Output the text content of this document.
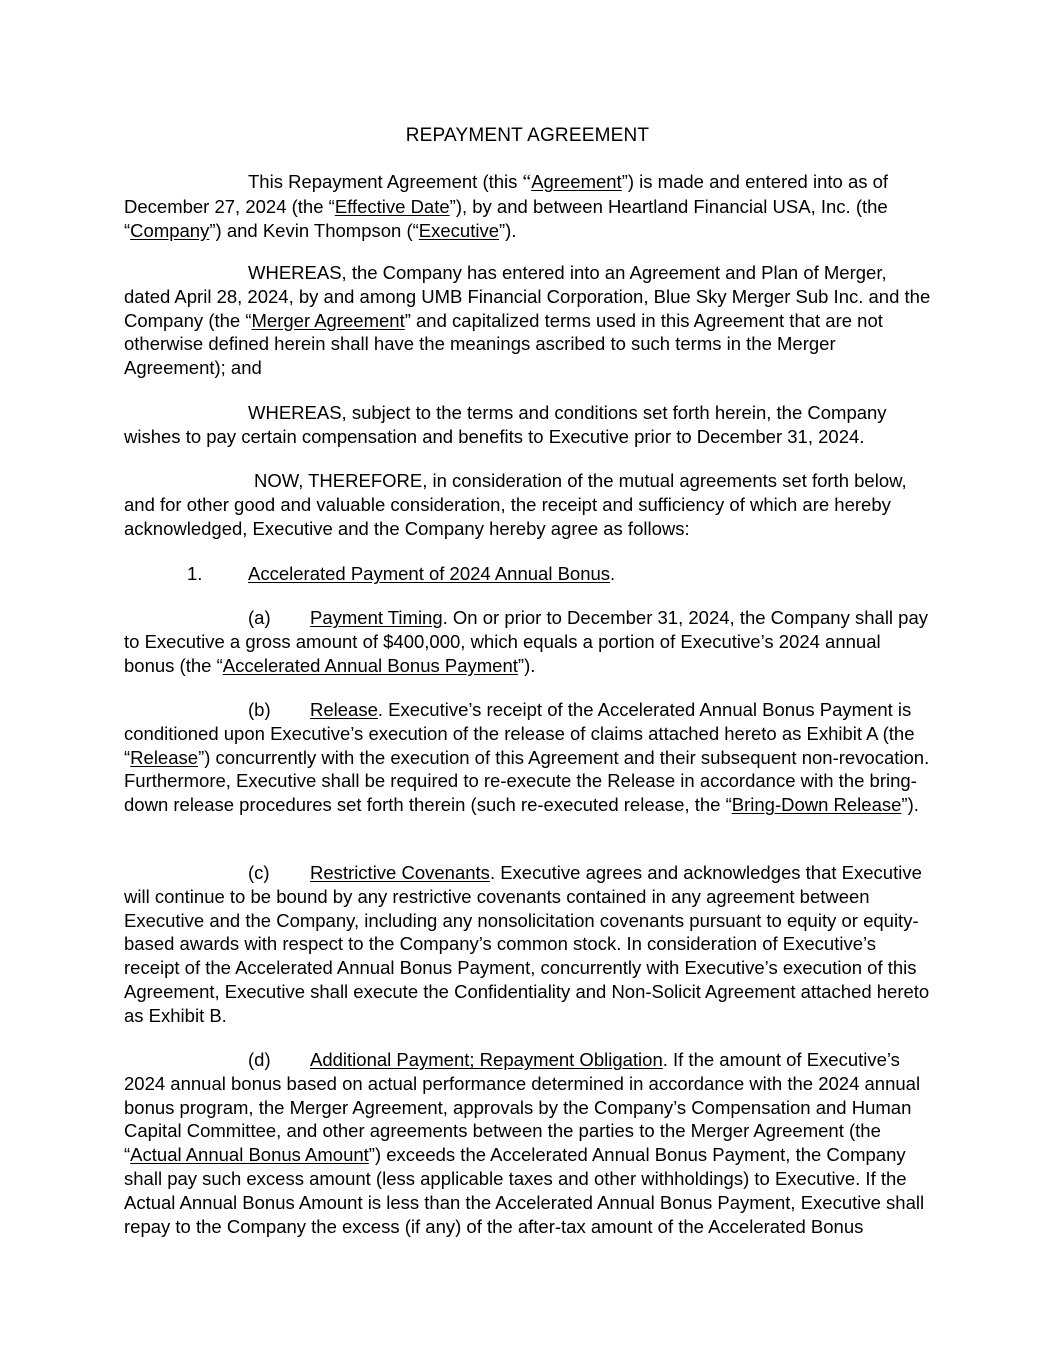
REPAYMENT AGREEMENT

This Repayment Agreement (this “Agreement”) is made and entered into as of December 27, 2024 (the “Effective Date”), by and between Heartland Financial USA, Inc. (the “Company”) and Kevin Thompson (“Executive”).

WHEREAS, the Company has entered into an Agreement and Plan of Merger, dated April 28, 2024, by and among UMB Financial Corporation, Blue Sky Merger Sub Inc. and the Company (the “Merger Agreement” and capitalized terms used in this Agreement that are not otherwise defined herein shall have the meanings ascribed to such terms in the Merger Agreement); and

WHEREAS, subject to the terms and conditions set forth herein, the Company wishes to pay certain compensation and benefits to Executive prior to December 31, 2024.

NOW, THEREFORE, in consideration of the mutual agreements set forth below, and for other good and valuable consideration, the receipt and sufficiency of which are hereby acknowledged, Executive and the Company hereby agree as follows:

1. Accelerated Payment of 2024 Annual Bonus.

(a) Payment Timing. On or prior to December 31, 2024, the Company shall pay to Executive a gross amount of $400,000, which equals a portion of Executive’s 2024 annual bonus (the “Accelerated Annual Bonus Payment”).

(b) Release. Executive’s receipt of the Accelerated Annual Bonus Payment is conditioned upon Executive’s execution of the release of claims attached hereto as Exhibit A (the “Release”) concurrently with the execution of this Agreement and their subsequent non-revocation. Furthermore, Executive shall be required to re-execute the Release in accordance with the bring-down release procedures set forth therein (such re-executed release, the “Bring-Down Release”).

(c) Restrictive Covenants. Executive agrees and acknowledges that Executive will continue to be bound by any restrictive covenants contained in any agreement between Executive and the Company, including any nonsolicitation covenants pursuant to equity or equity-based awards with respect to the Company’s common stock. In consideration of Executive’s receipt of the Accelerated Annual Bonus Payment, concurrently with Executive’s execution of this Agreement, Executive shall execute the Confidentiality and Non-Solicit Agreement attached hereto as Exhibit B.

(d) Additional Payment; Repayment Obligation. If the amount of Executive’s 2024 annual bonus based on actual performance determined in accordance with the 2024 annual bonus program, the Merger Agreement, approvals by the Company’s Compensation and Human Capital Committee, and other agreements between the parties to the Merger Agreement (the “Actual Annual Bonus Amount”) exceeds the Accelerated Annual Bonus Payment, the Company shall pay such excess amount (less applicable taxes and other withholdings) to Executive. If the Actual Annual Bonus Amount is less than the Accelerated Annual Bonus Payment, Executive shall repay to the Company the excess (if any) of the after-tax amount of the Accelerated Bonus
